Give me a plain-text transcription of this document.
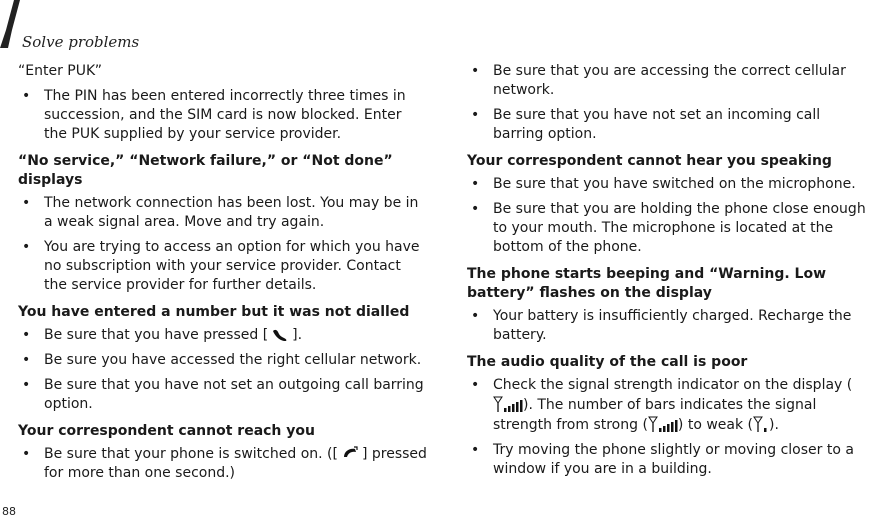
Solve problems

“Enter PUK”

• The PIN has been entered incorrectly three times in succession, and the SIM card is now blocked. Enter the PUK supplied by your service provider.

“No service,” “Network failure,” or “Not done” displays

• The network connection has been lost. You may be in a weak signal area. Move and try again.
• You are trying to access an option for which you have no subscription with your service provider. Contact the service provider for further details.

You have entered a number but it was not dialled

• Be sure that you have pressed [ ].
• Be sure you have accessed the right cellular network.
• Be sure that you have not set an outgoing call barring option.

Your correspondent cannot reach you

• Be sure that your phone is switched on. ([ ] pressed for more than one second.)
• Be sure that you are accessing the correct cellular network.
• Be sure that you have not set an incoming call barring option.

Your correspondent cannot hear you speaking

• Be sure that you have switched on the microphone.
• Be sure that you are holding the phone close enough to your mouth. The microphone is located at the bottom of the phone.

The phone starts beeping and “Warning. Low battery” flashes on the display

• Your battery is insufficiently charged. Recharge the battery.

The audio quality of the call is poor

• Check the signal strength indicator on the display (). The number of bars indicates the signal strength from strong ( ) to weak ( ).
• Try moving the phone slightly or moving closer to a window if you are in a building.
88
